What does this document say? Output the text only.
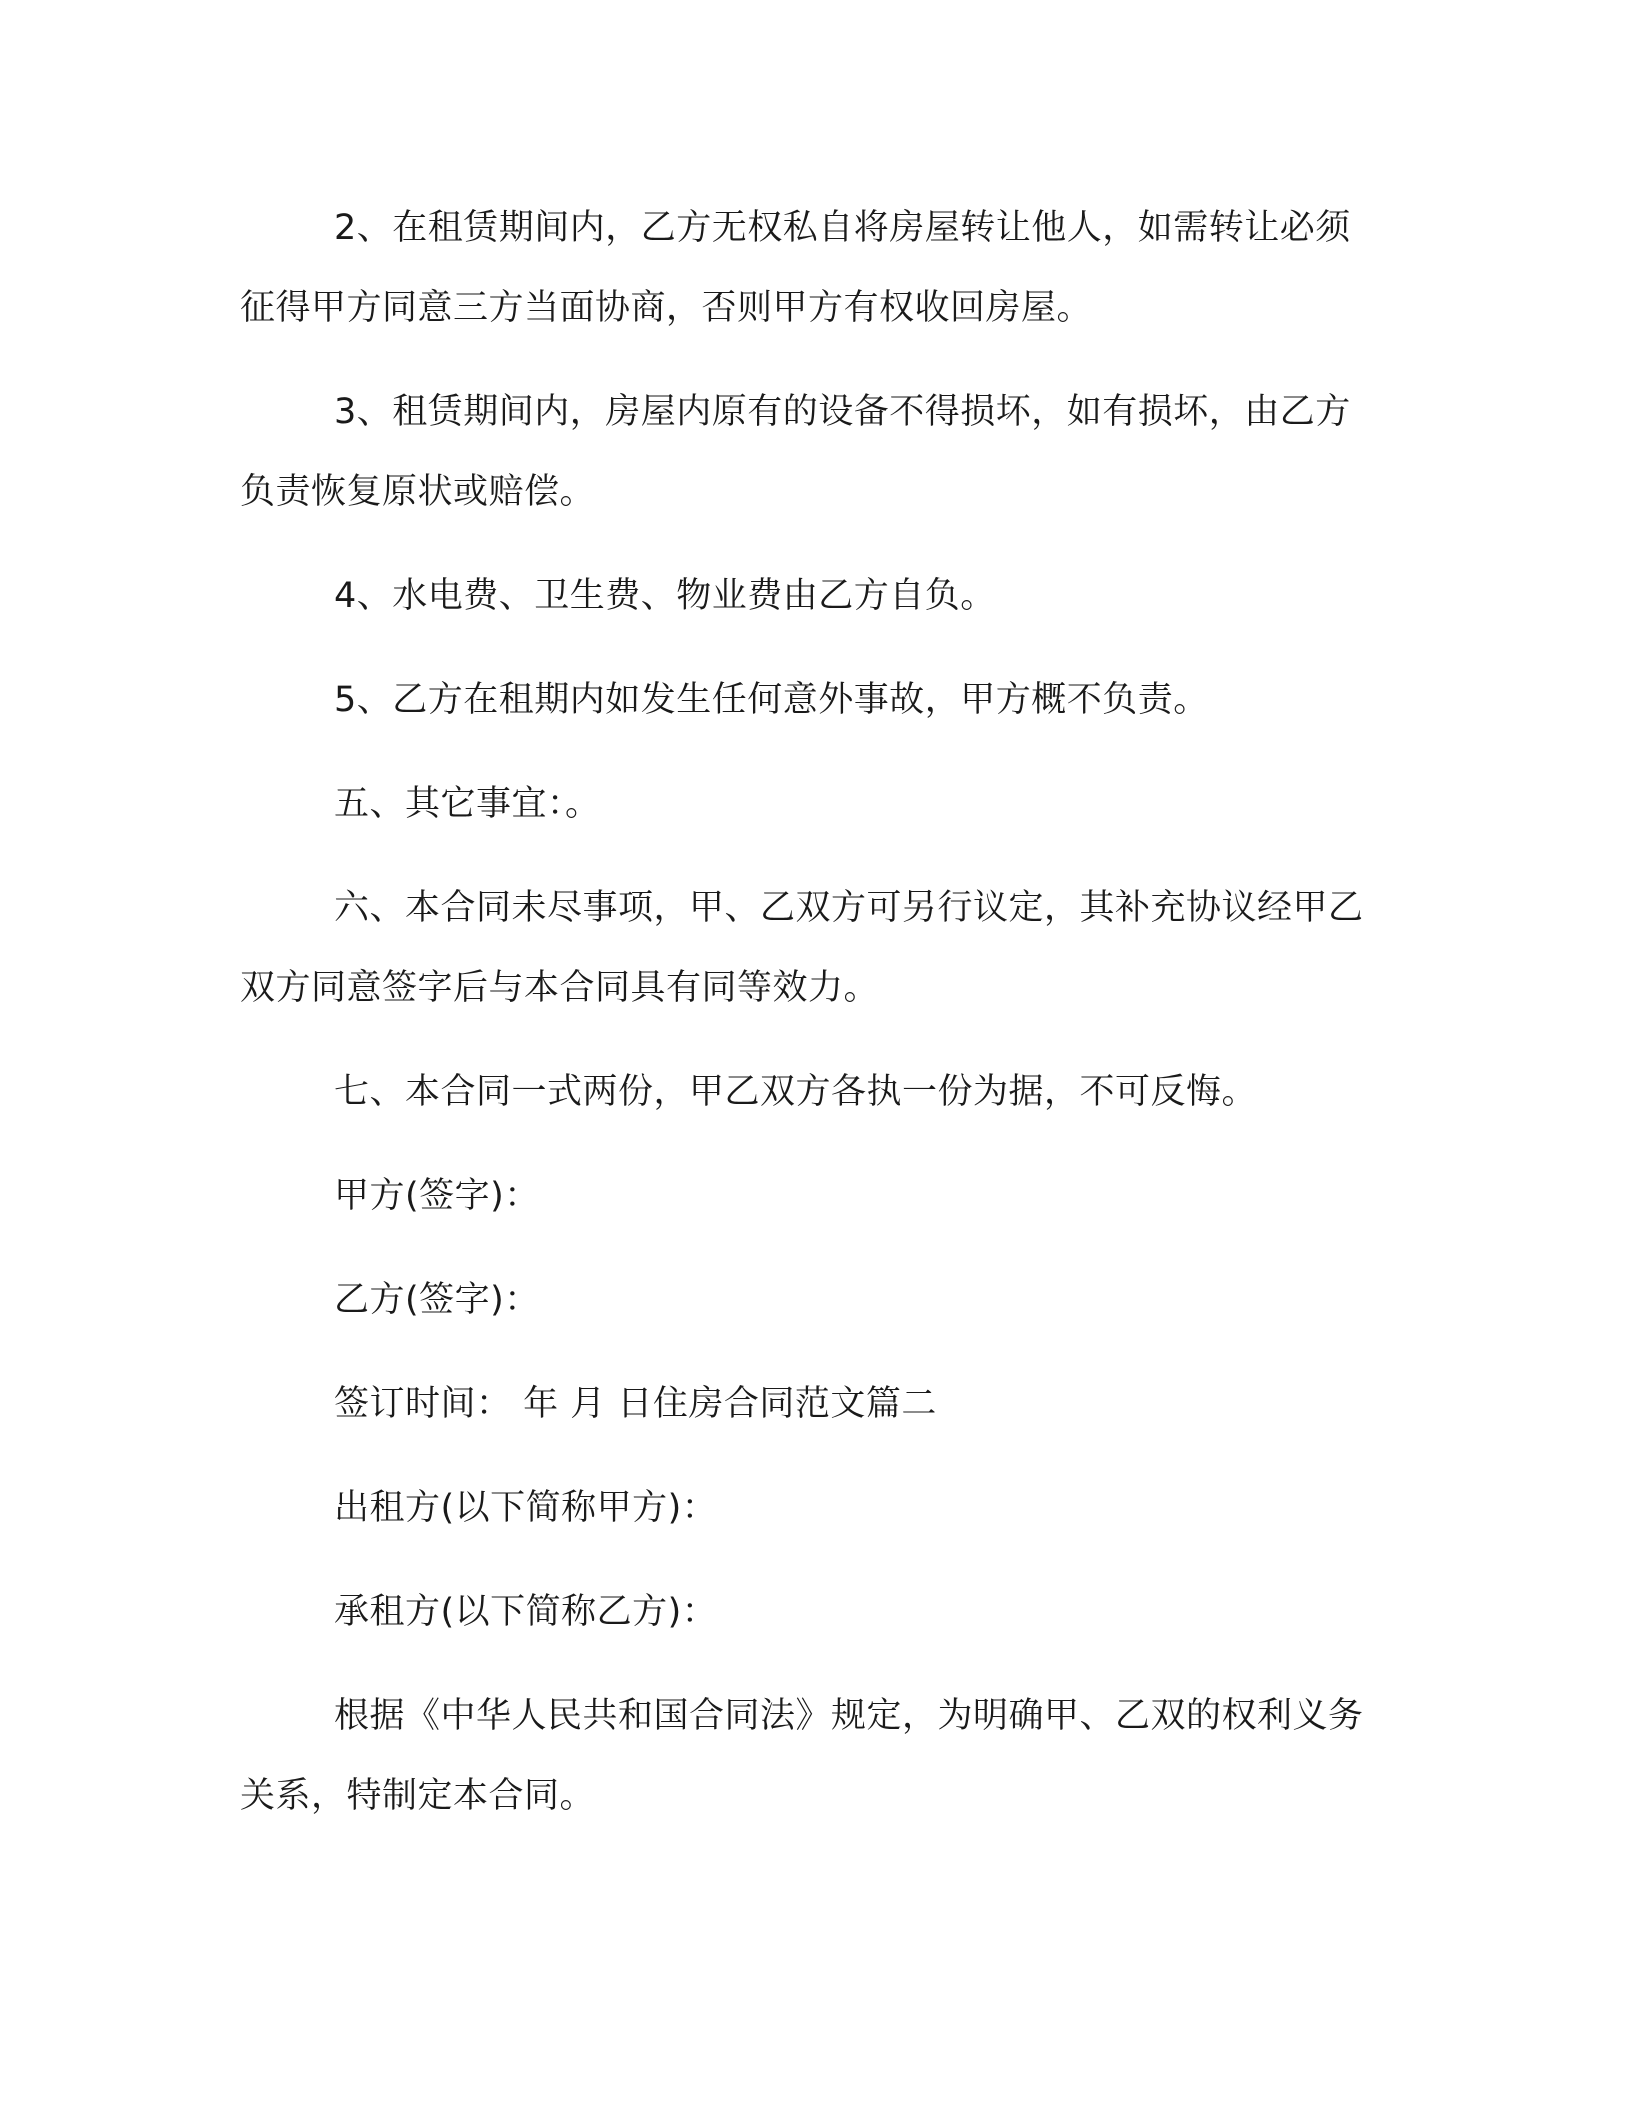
2、在租赁期间内，乙方无权私自将房屋转让他人，如需转让必须征得甲方同意三方当面协商，否则甲方有权收回房屋。

3、租赁期间内，房屋内原有的设备不得损坏，如有损坏，由乙方负责恢复原状或赔偿。

4、水电费、卫生费、物业费由乙方自负。

5、乙方在租期内如发生任何意外事故，甲方概不负责。

五、其它事宜：。

六、本合同未尽事项，甲、乙双方可另行议定，其补充协议经甲乙双方同意签字后与本合同具有同等效力。

七、本合同一式两份，甲乙双方各执一份为据，不可反悔。

甲方(签字)：

乙方(签字)：

签订时间： 年 月 日住房合同范文篇二

出租方(以下简称甲方)：

承租方(以下简称乙方)：

根据《中华人民共和国合同法》规定，为明确甲、乙双的权利义务关系，特制定本合同。
